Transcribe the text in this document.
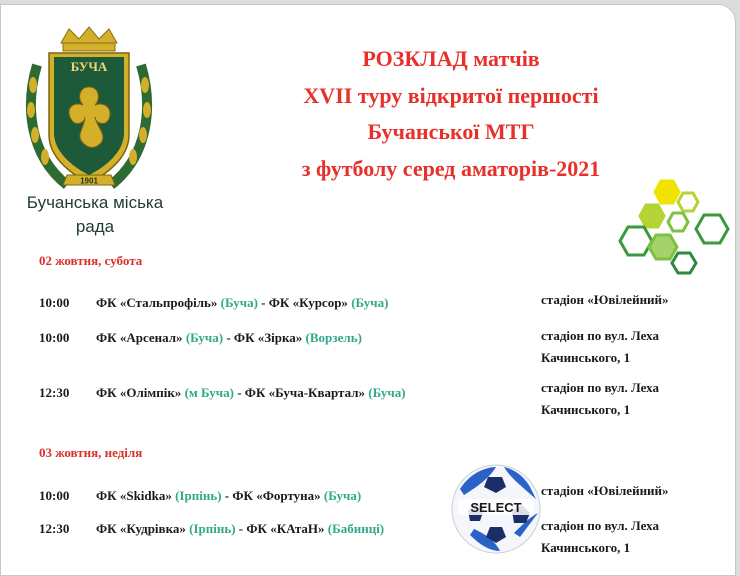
БУЧА
1901
Бучанська міська
рада
РОЗКЛАД матчів
XVII туру відкритої першості
Бучанської МТГ
з футболу серед аматорів-2021
02 жовтня, субота
10:00 ФК «Стальпрофіль» (Буча) - ФК «Курсор» (Буча)	стадіон «Ювілейний»
10:00 ФК «Арсенал» (Буча) - ФК «Зірка» (Ворзель)	стадіон по вул. Леха
Качинського, 1
12:30 ФК «Олімпік» (м Буча) - ФК «Буча-Квартал» (Буча)	стадіон по вул. Леха
Качинського, 1
03 жовтня, неділя
10:00 ФК «Skidka» (Ірпінь) - ФК «Фортуна» (Буча)	стадіон «Ювілейний»
12:30 ФК «Кудрівка» (Ірпінь) - ФК «КАтаН» (Бабинці)	стадіон по вул. Леха
Качинського, 1
SELECT
